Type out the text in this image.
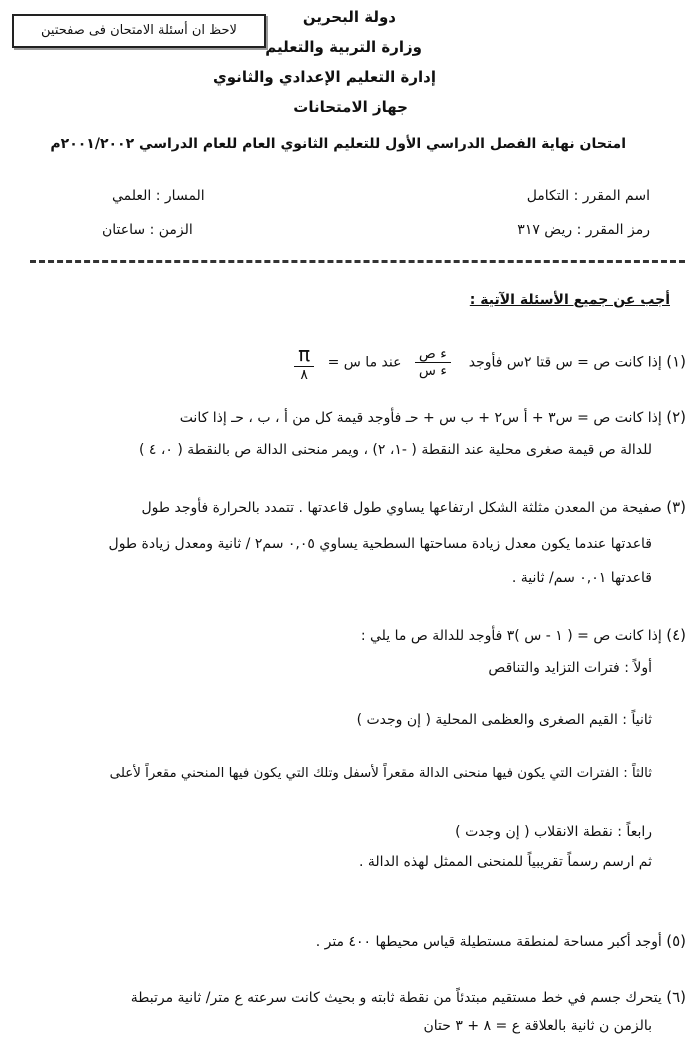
لاحظ ان أسئلة الامتحان فى صفحتين
دولة البحرين
وزارة التربية والتعليم
إدارة التعليم الإعدادي والثانوي
جهاز الامتحانات
امتحان نهاية الفصل الدراسي الأول للتعليم الثانوي العام للعام الدراسي ٢٠٠١/٢٠٠٢م
اسم المقرر : التكامل
المسار : العلمي
رمز المقرر : ريض ٣١٧
الزمن : ساعتان
أجب عن جميع الأسئلة الآتية :
(١) إذا كانت ص = س قتا ٢س فأوجد
$\frac{\text{ء ص}}{\text{ء س}}$
عند ما س =
$\frac{\pi}{٨}$
(٢) إذا كانت ص = س٣ + أ س٢ + ب س + حـ فأوجد قيمة كل من أ ، ب ، حـ إذا كانت
للدالة ص قيمة صغرى محلية عند النقطة ( -١، ٢) ، ويمر منحنى الدالة ص بالنقطة ( ٠، ٤ )
(٣) صفيحة من المعدن مثلثة الشكل ارتفاعها يساوي طول قاعدتها . تتمدد بالحرارة فأوجد طول
قاعدتها عندما يكون معدل زيادة مساحتها السطحية يساوي ٠,٠٥ سم٢ / ثانية ومعدل زيادة طول
قاعدتها ٠,٠١ سم/ ثانية .
(٤) إذا كانت ص = ( ١ - س )٣ فأوجد للدالة ص ما يلي :
أولاً : فترات التزايد والتناقص
ثانياً : القيم الصغرى والعظمى المحلية ( إن وجدت )
ثالثاً : الفترات التي يكون فيها منحنى الدالة مقعراً لأسفل وتلك التي يكون فيها المنحني مقعراً لأعلى
رابعاً : نقطة الانقلاب ( إن وجدت )
ثم ارسم رسماً تقريبياً للمنحنى الممثل لهذه الدالة .
(٥) أوجد أكبر مساحة لمنطقة مستطيلة قياس محيطها ٤٠٠ متر .
(٦) يتحرك جسم في خط مستقيم مبتدئاً من نقطة ثابته و بحيث كانت سرعته ع متر/ ثانية مرتبطة
بالزمن ن ثانية بالعلاقة ع = ٨ + ٣ حتان
